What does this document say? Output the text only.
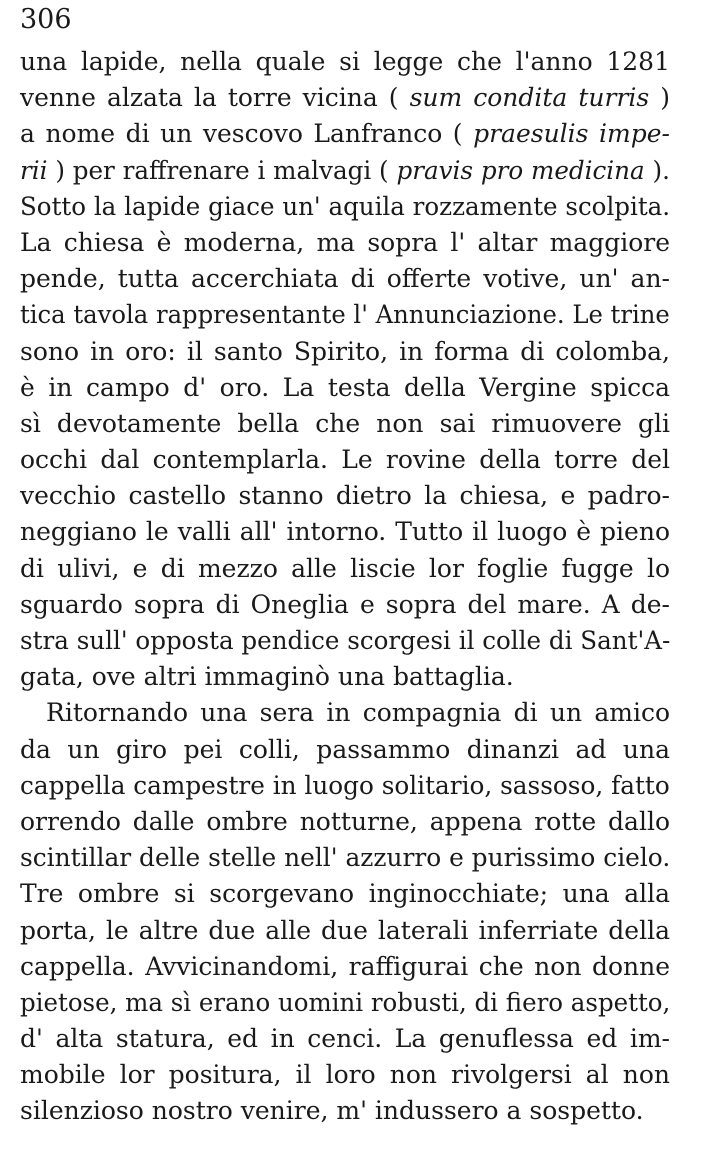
306
una lapide, nella quale si legge che l'anno 1281
venne alzata la torre vicina ( sum condita turris )
a nome di un vescovo Lanfranco ( praesulis impe-
rii ) per raffrenare i malvagi ( pravis pro medicina ).
Sotto la lapide giace un' aquila rozzamente scolpita.
La chiesa è moderna, ma sopra l' altar maggiore
pende, tutta accerchiata di offerte votive, un' an-
tica tavola rappresentante l' Annunciazione. Le trine
sono in oro: il santo Spirito, in forma di colomba,
è in campo d' oro. La testa della Vergine spicca
sì devotamente bella che non sai rimuovere gli
occhi dal contemplarla. Le rovine della torre del
vecchio castello stanno dietro la chiesa, e padro-
neggiano le valli all' intorno. Tutto il luogo è pieno
di ulivi, e di mezzo alle liscie lor foglie fugge lo
sguardo sopra di Oneglia e sopra del mare. A de-
stra sull' opposta pendice scorgesi il colle di Sant'A-
gata, ove altri immaginò una battaglia.
Ritornando una sera in compagnia di un amico
da un giro pei colli, passammo dinanzi ad una
cappella campestre in luogo solitario, sassoso, fatto
orrendo dalle ombre notturne, appena rotte dallo
scintillar delle stelle nell' azzurro e purissimo cielo.
Tre ombre si scorgevano inginocchiate; una alla
porta, le altre due alle due laterali inferriate della
cappella. Avvicinandomi, raffigurai che non donne
pietose, ma sì erano uomini robusti, di fiero aspetto,
d' alta statura, ed in cenci. La genuflessa ed im-
mobile lor positura, il loro non rivolgersi al non
silenzioso nostro venire, m' indussero a sospetto.
